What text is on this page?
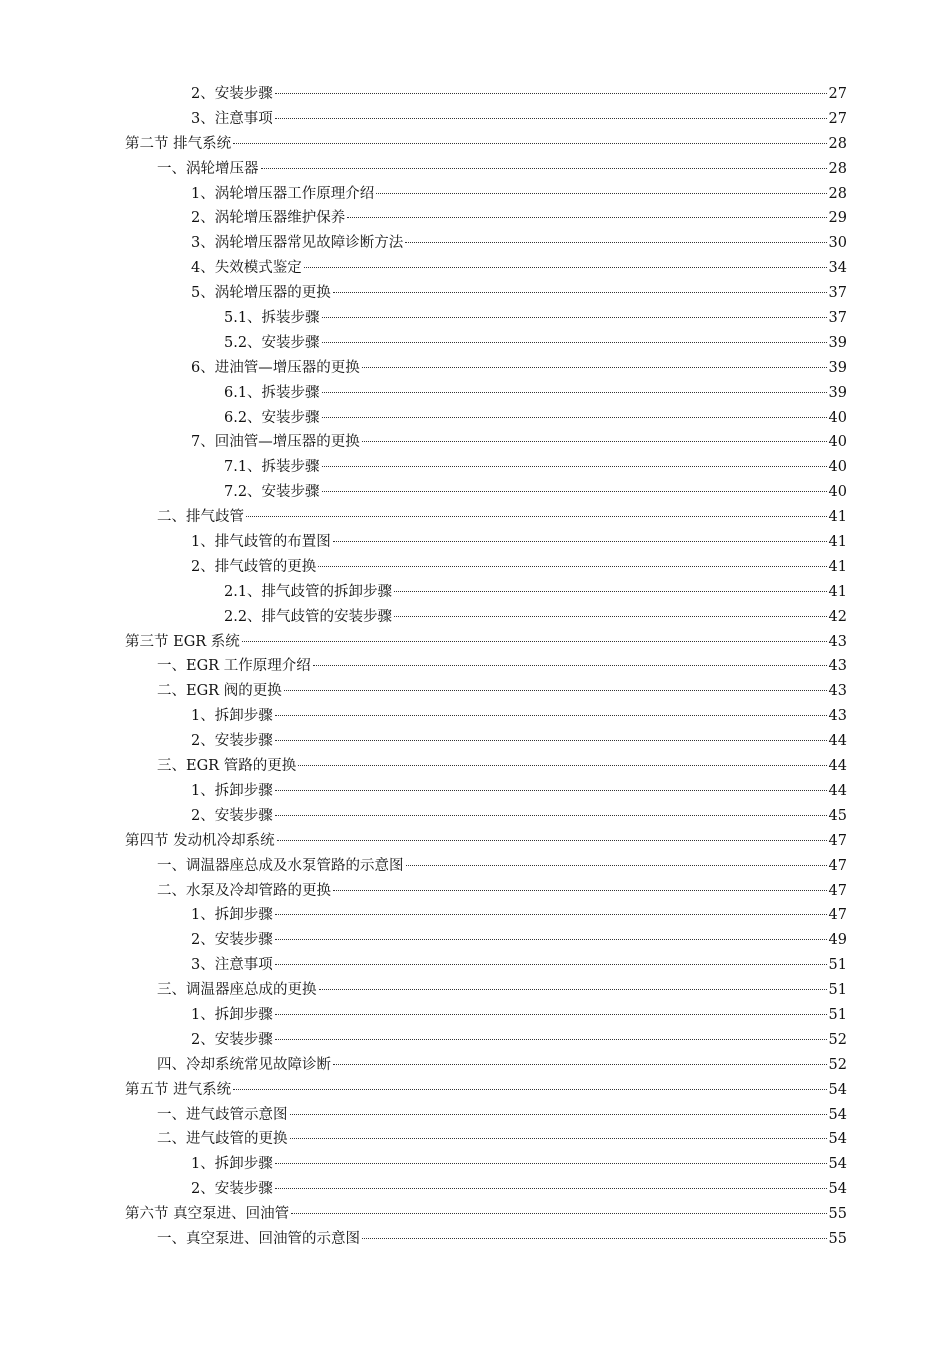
2、安装步骤	27
3、注意事项	27
第二节 排气系统	28
一、涡轮增压器	28
1、涡轮增压器工作原理介绍	28
2、涡轮增压器维护保养	29
3、涡轮增压器常见故障诊断方法	30
4、失效模式鉴定	34
5、涡轮增压器的更换	37
5.1、拆装步骤	37
5.2、安装步骤	39
6、进油管—增压器的更换	39
6.1、拆装步骤	39
6.2、安装步骤	40
7、回油管—增压器的更换	40
7.1、拆装步骤	40
7.2、安装步骤	40
二、排气歧管	41
1、排气歧管的布置图	41
2、排气歧管的更换	41
2.1、排气歧管的拆卸步骤	41
2.2、排气歧管的安装步骤	42
第三节 EGR 系统	43
一、EGR 工作原理介绍	43
二、EGR 阀的更换	43
1、拆卸步骤	43
2、安装步骤	44
三、EGR 管路的更换	44
1、拆卸步骤	44
2、安装步骤	45
第四节 发动机冷却系统	47
一、调温器座总成及水泵管路的示意图	47
二、水泵及冷却管路的更换	47
1、拆卸步骤	47
2、安装步骤	49
3、注意事项	51
三、调温器座总成的更换	51
1、拆卸步骤	51
2、安装步骤	52
四、冷却系统常见故障诊断	52
第五节 进气系统	54
一、进气歧管示意图	54
二、进气歧管的更换	54
1、拆卸步骤	54
2、安装步骤	54
第六节 真空泵进、回油管	55
一、真空泵进、回油管的示意图	55
